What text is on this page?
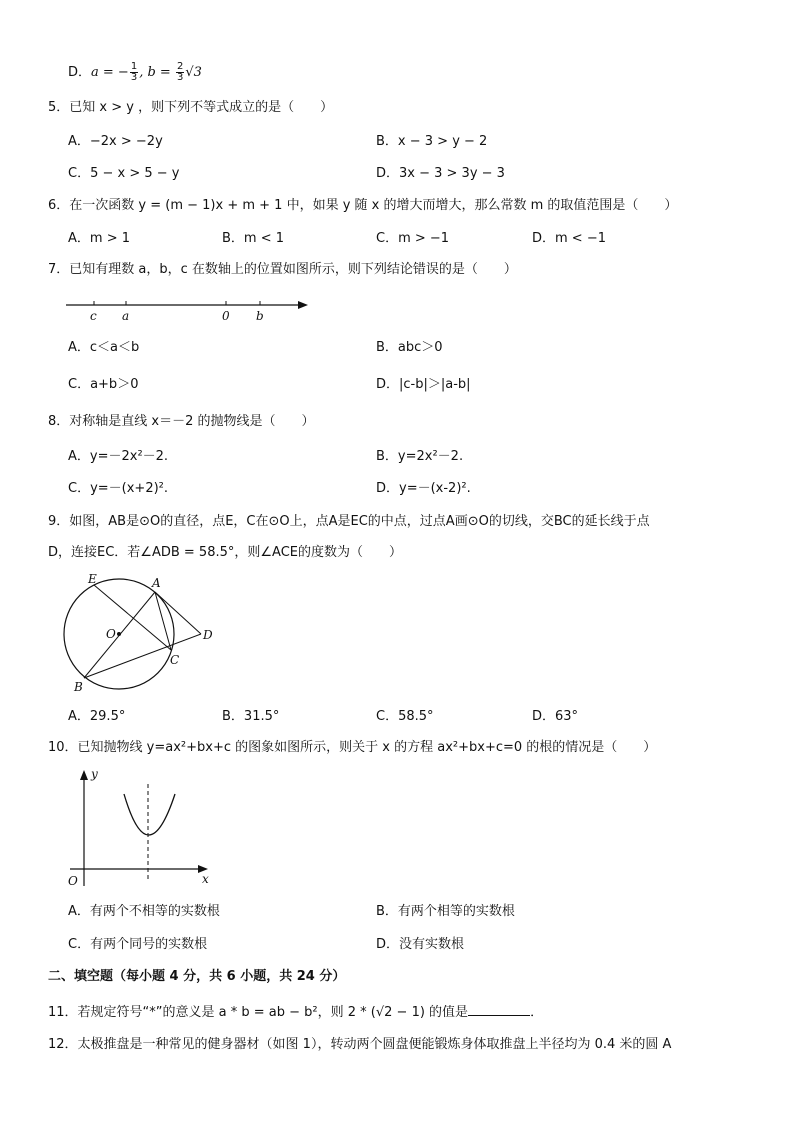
D．a = − $\frac{1}{3}$ , $b = \frac{2}{3} √3$
5．已知 x > y ，则下列不等式成立的是（　　）
A．−2x > −2y	B．x − 3 > y − 2
C．5 − x > 5 − y	D．3x − 3 > 3y − 3
6．在一次函数 y = (m − 1)x + m + 1 中，如果 y 随 x 的增大而增大，那么常数 m 的取值范围是（　　）
A．m > 1	B．m < 1	C．m > −1	D．m < −1
7．已知有理数 a，b，c 在数轴上的位置如图所示，则下列结论错误的是（　　）
c a	0 b
A．c＜a＜b	B．abc＞0
C．a+b＞0	D．|c-b|＞|a-b|
8．对称轴是直线 x＝－2 的抛物线是（　　）
A．y=－2x²－2.	B．y=2x²－2.
C．y=－(x+2)².	D．y=－(x-2)².
9．如图，AB是⊙O的直径，点E，C在⊙O上，点A是EC的中点，过点A画⊙O的切线，交BC的延长线于点
D，连接EC．若∠ADB = 58.5°，则∠ACE的度数为（　　）
E	A
O	D
C
B
A．29.5°	B．31.5°	C．58.5°	D．63°
10．已知抛物线 y=ax²+bx+c 的图象如图所示，则关于 x 的方程 ax²+bx+c=0 的根的情况是（　　）
y
O	x
A．有两个不相等的实数根	B．有两个相等的实数根
C．有两个同号的实数根	D．没有实数根
二、填空题（每小题 4 分，共 6 小题，共 24 分）
11．若规定符号“*”的意义是 a * b = ab − b²，则 2 * (√2 − 1) 的值是	．
12．太极推盘是一种常见的健身器材（如图 1），转动两个圆盘便能锻炼身体取推盘上半径均为 0.4 米的圆 A
